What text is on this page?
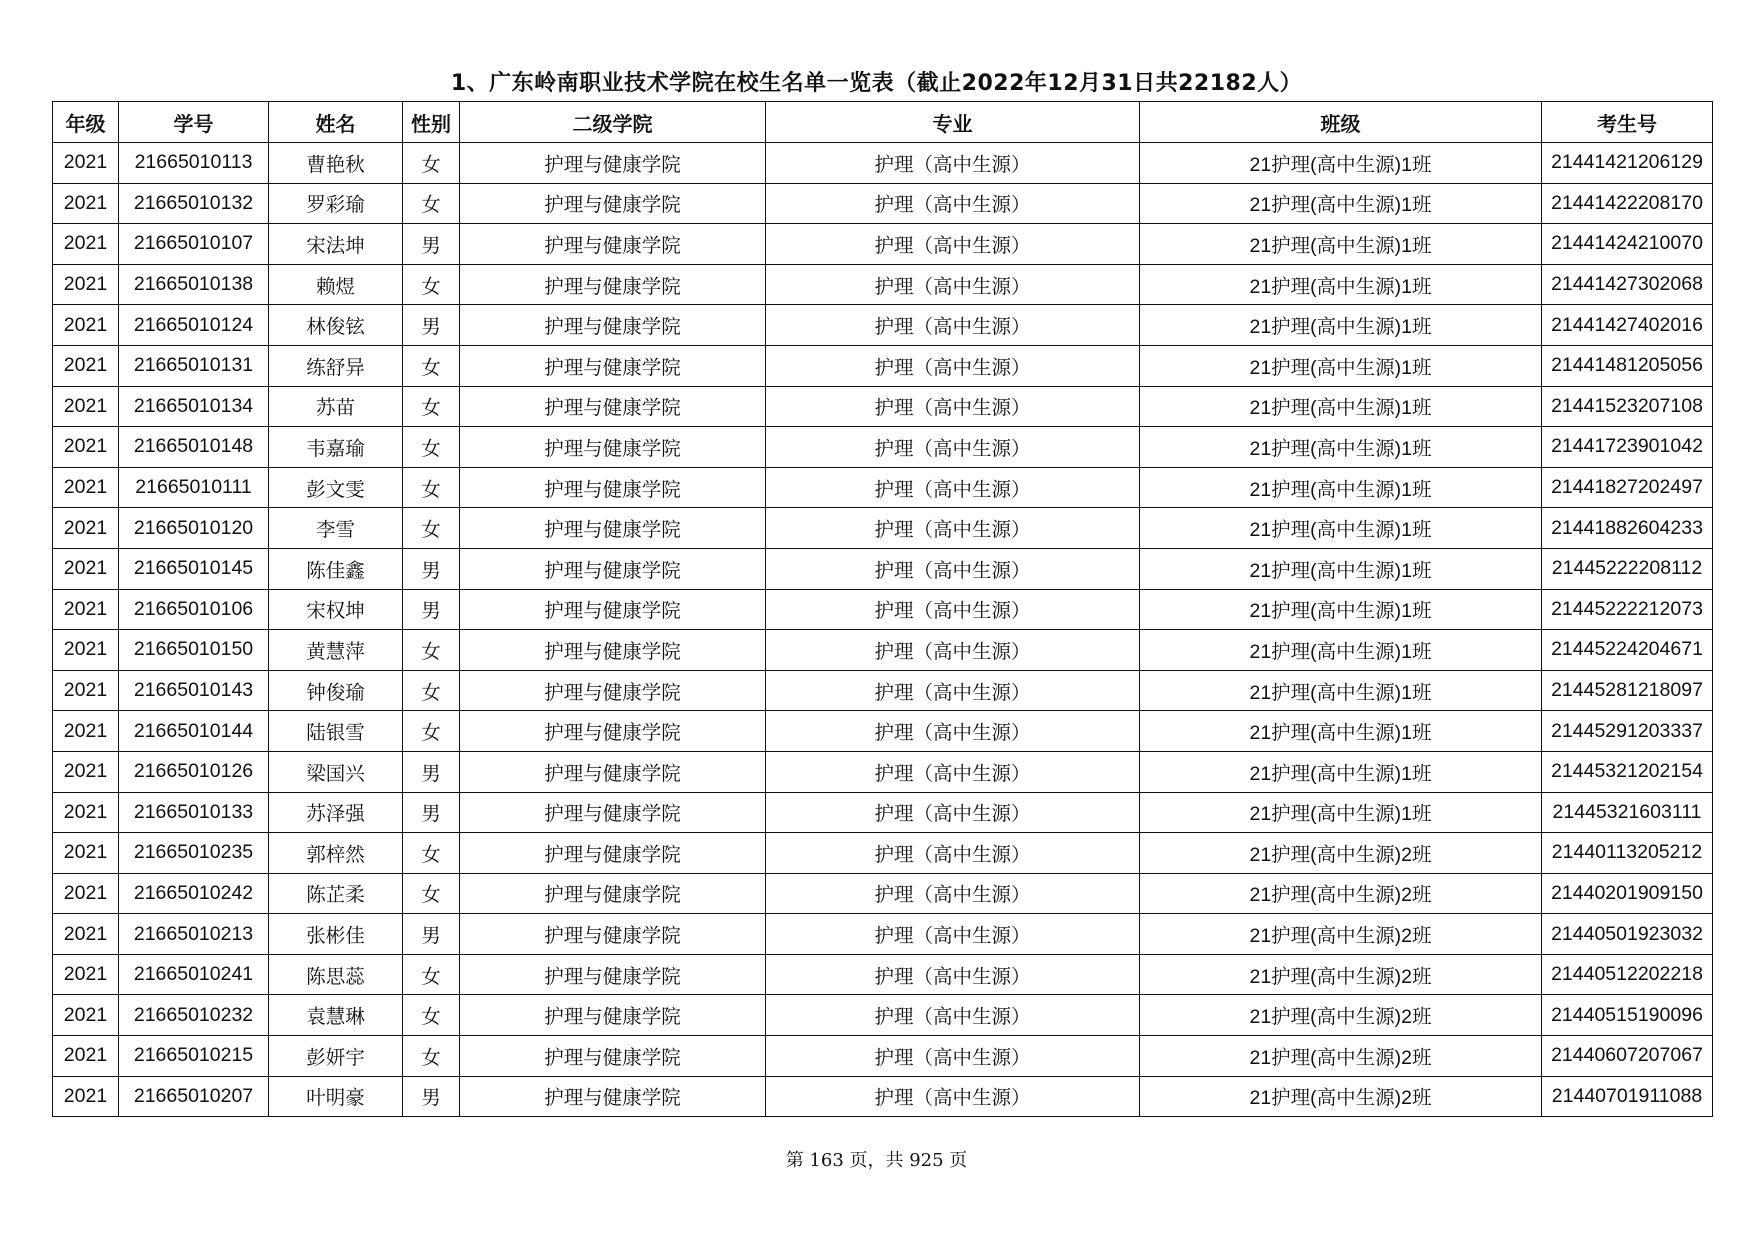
1、广东岭南职业技术学院在校生名单一览表（截止2022年12月31日共22182人）
年级	学号	姓名	性别	二级学院	专业	班级	考生号
2021	21665010113	曹艳秋	女	护理与健康学院	护理（高中生源）	21护理(高中生源)1班	21441421206129
2021	21665010132	罗彩瑜	女	护理与健康学院	护理（高中生源）	21护理(高中生源)1班	21441422208170
2021	21665010107	宋法坤	男	护理与健康学院	护理（高中生源）	21护理(高中生源)1班	21441424210070
2021	21665010138	赖煜	女	护理与健康学院	护理（高中生源）	21护理(高中生源)1班	21441427302068
2021	21665010124	林俊铉	男	护理与健康学院	护理（高中生源）	21护理(高中生源)1班	21441427402016
2021	21665010131	练舒异	女	护理与健康学院	护理（高中生源）	21护理(高中生源)1班	21441481205056
2021	21665010134	苏苗	女	护理与健康学院	护理（高中生源）	21护理(高中生源)1班	21441523207108
2021	21665010148	韦嘉瑜	女	护理与健康学院	护理（高中生源）	21护理(高中生源)1班	21441723901042
2021	21665010111	彭文雯	女	护理与健康学院	护理（高中生源）	21护理(高中生源)1班	21441827202497
2021	21665010120	李雪	女	护理与健康学院	护理（高中生源）	21护理(高中生源)1班	21441882604233
2021	21665010145	陈佳鑫	男	护理与健康学院	护理（高中生源）	21护理(高中生源)1班	21445222208112
2021	21665010106	宋权坤	男	护理与健康学院	护理（高中生源）	21护理(高中生源)1班	21445222212073
2021	21665010150	黄慧萍	女	护理与健康学院	护理（高中生源）	21护理(高中生源)1班	21445224204671
2021	21665010143	钟俊瑜	女	护理与健康学院	护理（高中生源）	21护理(高中生源)1班	21445281218097
2021	21665010144	陆银雪	女	护理与健康学院	护理（高中生源）	21护理(高中生源)1班	21445291203337
2021	21665010126	梁国兴	男	护理与健康学院	护理（高中生源）	21护理(高中生源)1班	21445321202154
2021	21665010133	苏泽强	男	护理与健康学院	护理（高中生源）	21护理(高中生源)1班	21445321603111
2021	21665010235	郭梓然	女	护理与健康学院	护理（高中生源）	21护理(高中生源)2班	21440113205212
2021	21665010242	陈芷柔	女	护理与健康学院	护理（高中生源）	21护理(高中生源)2班	21440201909150
2021	21665010213	张彬佳	男	护理与健康学院	护理（高中生源）	21护理(高中生源)2班	21440501923032
2021	21665010241	陈思蕊	女	护理与健康学院	护理（高中生源）	21护理(高中生源)2班	21440512202218
2021	21665010232	袁慧琳	女	护理与健康学院	护理（高中生源）	21护理(高中生源)2班	21440515190096
2021	21665010215	彭妍宇	女	护理与健康学院	护理（高中生源）	21护理(高中生源)2班	21440607207067
2021	21665010207	叶明豪	男	护理与健康学院	护理（高中生源）	21护理(高中生源)2班	21440701911088
第 163 页，共 925 页
